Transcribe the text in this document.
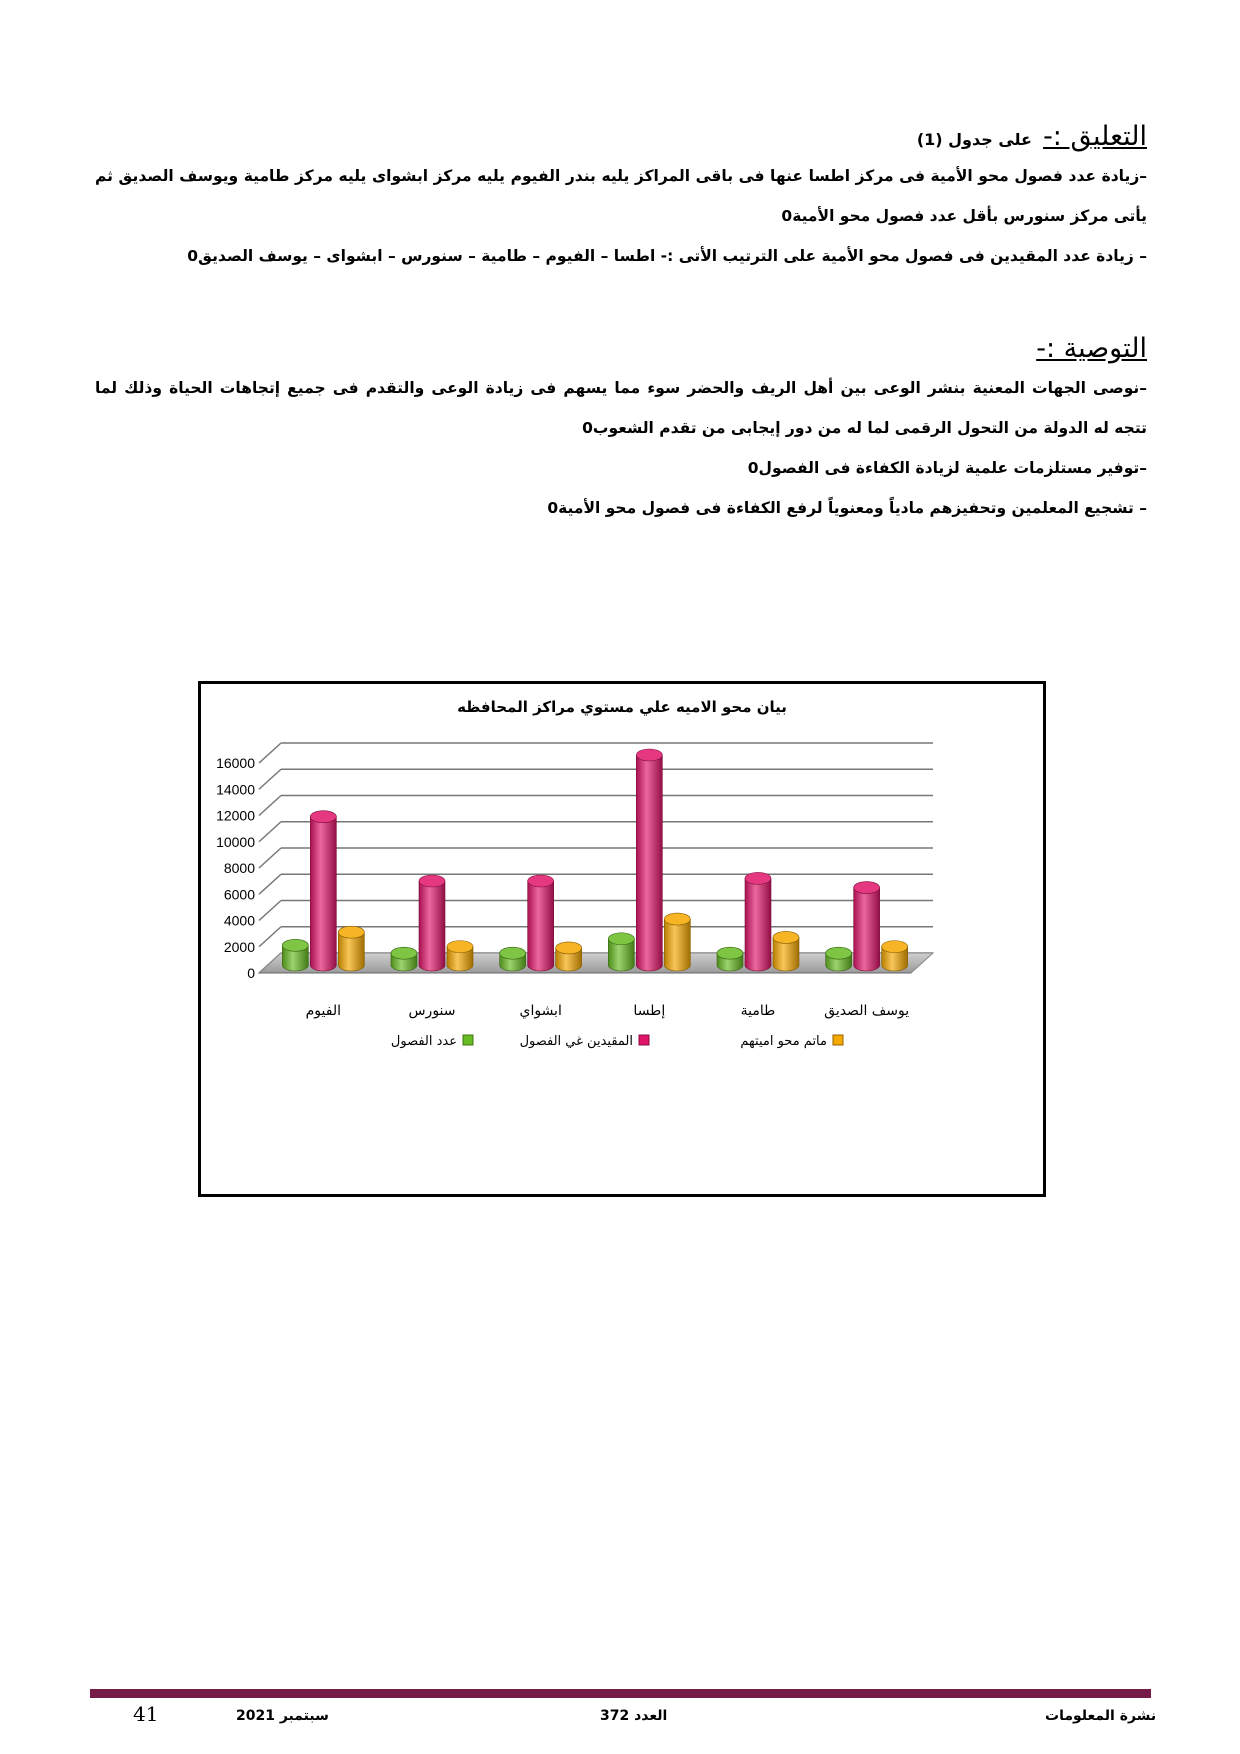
التعليق :- على جدول (1)
–زيادة عدد فصول محو الأمية فى مركز اطسا عنها فى باقى المراكز يليه بندر الفيوم يليه مركز ابشواى يليه مركز طامية ويوسف الصديق ثم يأتى مركز سنورس بأقل عدد فصول محو الأمية0
– زيادة عدد المقيدين فى فصول محو الأمية على الترتيب الأتى :- اطسا – الفيوم – طامية – سنورس – ابشواى – يوسف الصديق0
التوصية :-
–نوصى الجهات المعنية بنشر الوعى بين أهل الريف والحضر سوء مما يسهم فى زيادة الوعى والتقدم فى جميع إتجاهات الحياة وذلك لما تتجه له الدولة من التحول الرقمى لما له من دور إيجابى من تقدم الشعوب0
–توفير مستلزمات علمية لزيادة الكفاءة فى الفصول0
– تشجيع المعلمين وتحفيزهم مادياً ومعنوياً لرفع الكفاءة فى فصول محو الأمية0
بيان محو الاميه علي مستوي مراكز المحافظه
0
2000
4000
6000
8000
10000
12000
14000
16000
الفيوم	سنورس	ابشواي	إطسا	طامية	يوسف الصديق
عدد الفصول	المقيدين غي الفصول	ماتم محو اميتهم
41	سبتمبر 2021	العدد 372	نشرة المعلومات
